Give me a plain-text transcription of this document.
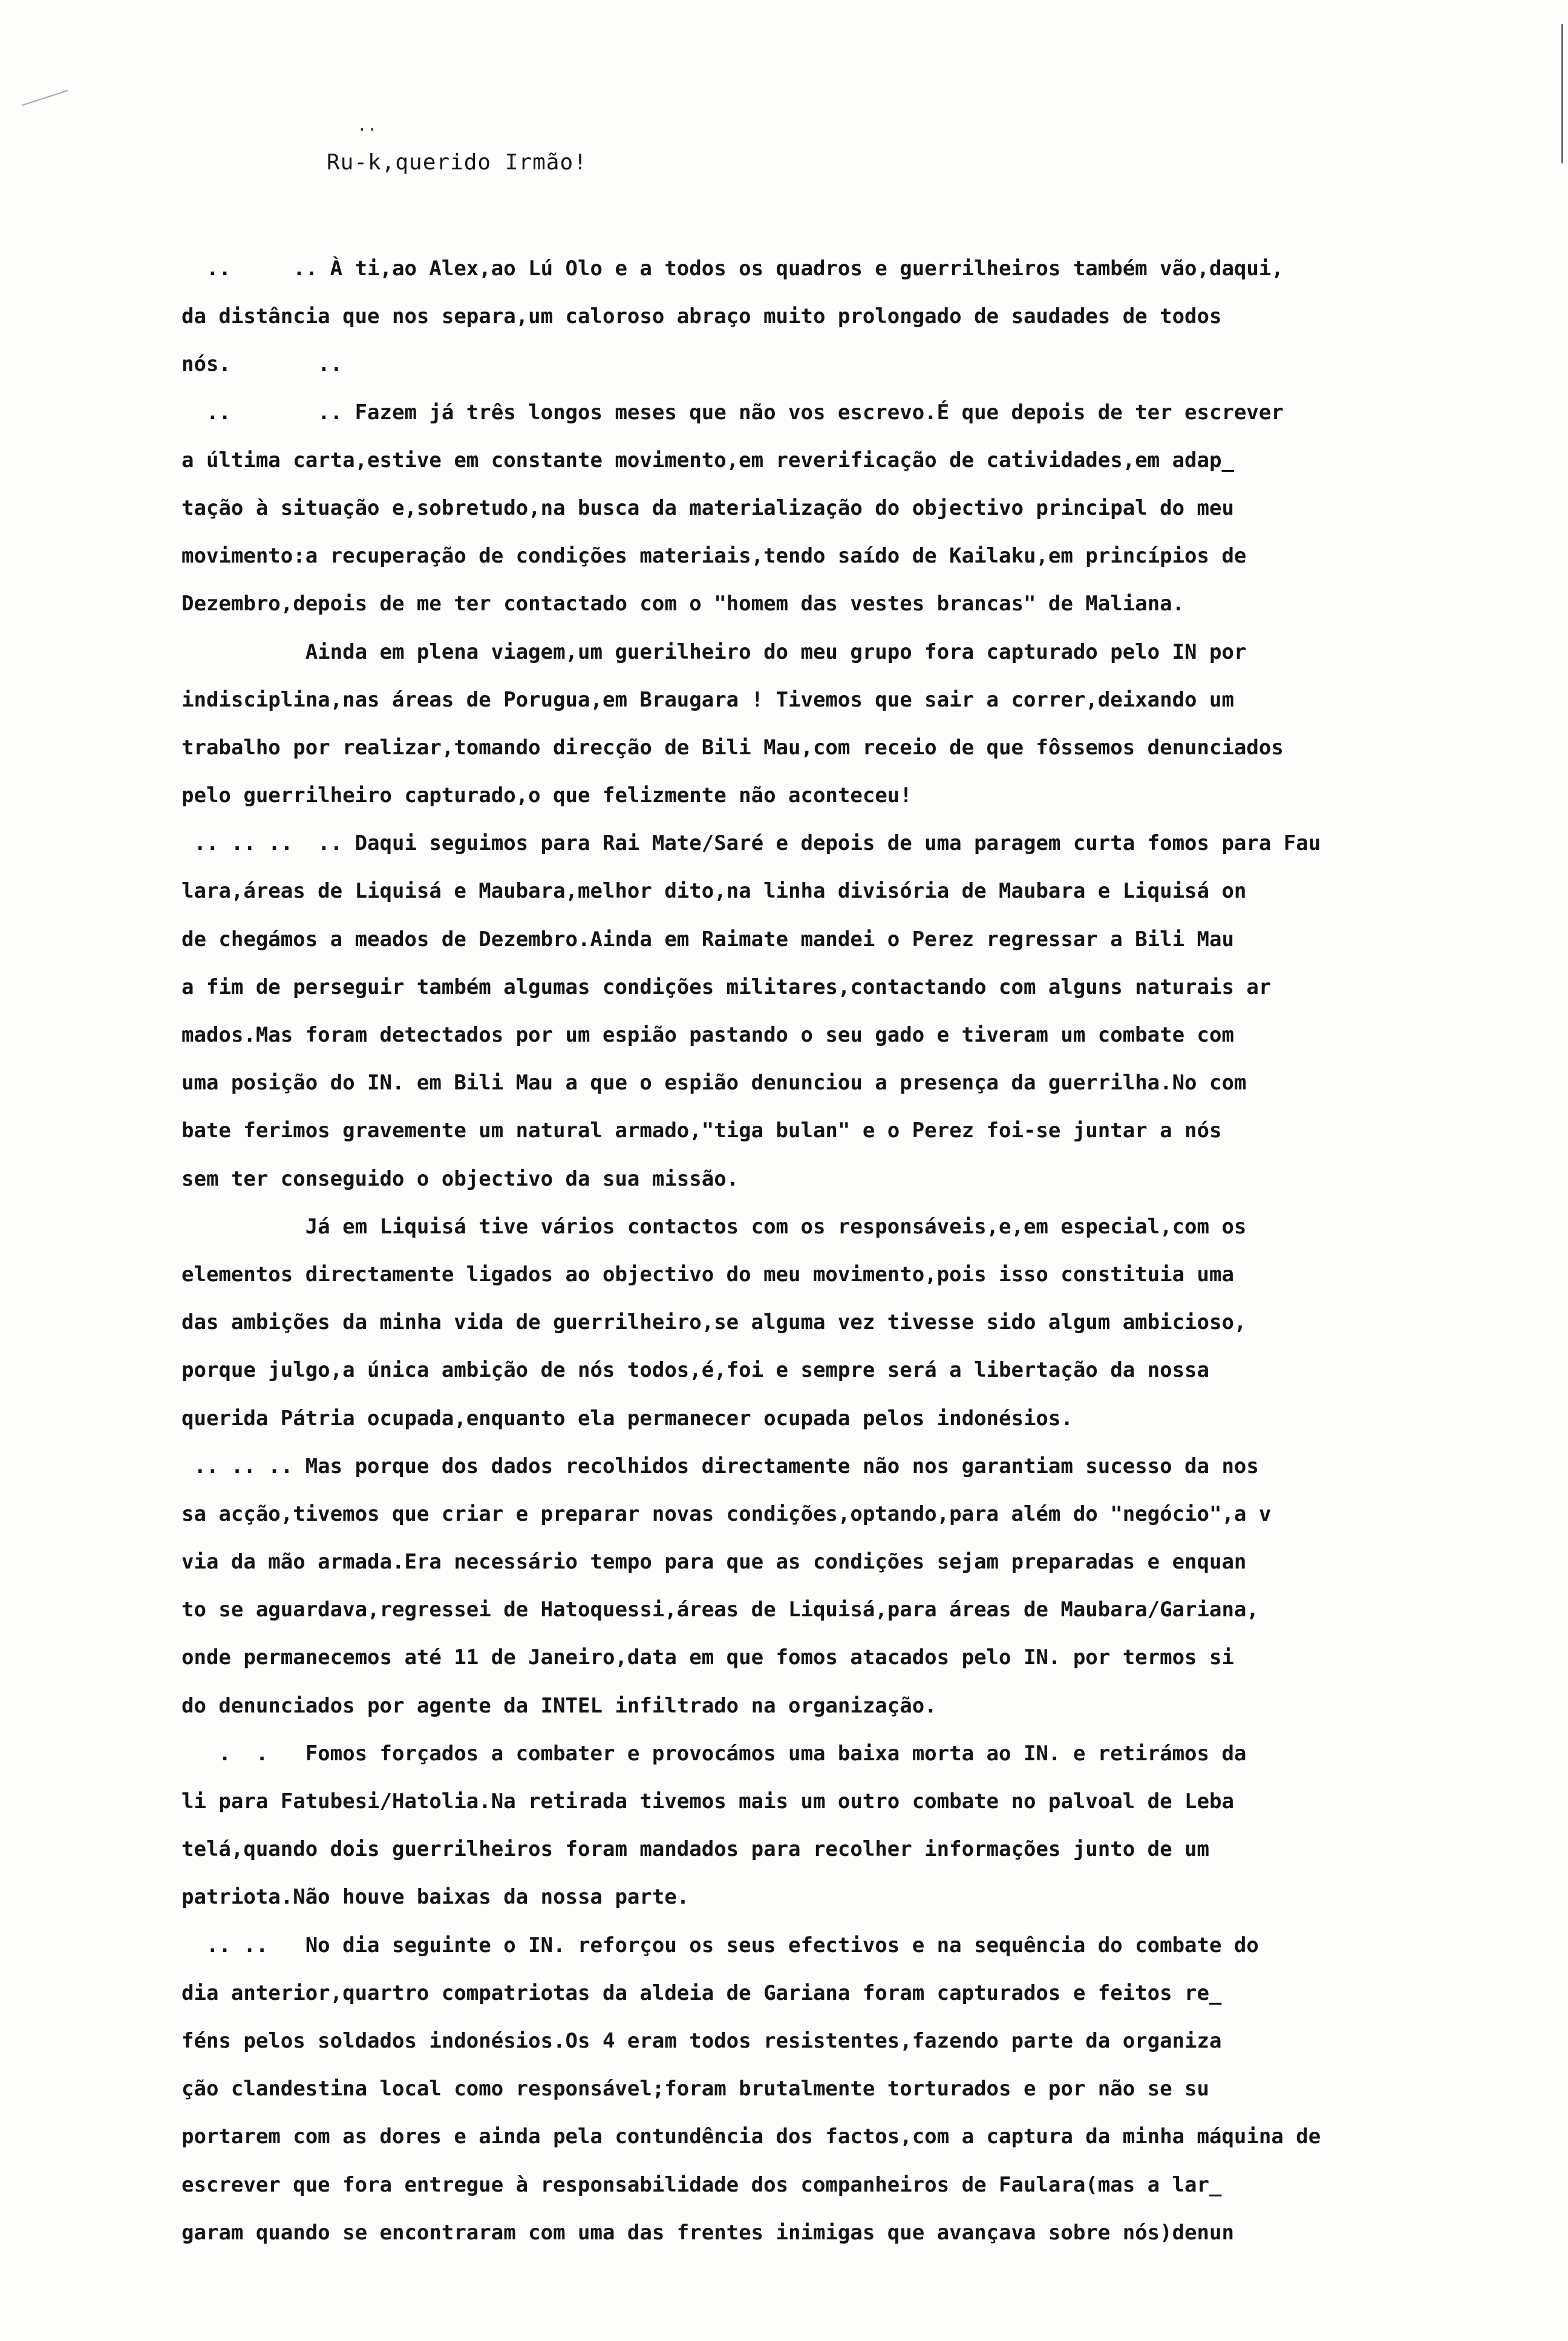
..
Ru-k,querido Irmão!
..     .. À ti,ao Alex,ao Lú Olo e a todos os quadros e guerrilheiros também vão,daqui,
da distância que nos separa,um caloroso abraço muito prolongado de saudades de todos
nós.       ..
..       .. Fazem já três longos meses que não vos escrevo.É que depois de ter escrever
a última carta,estive em constante movimento,em reverificação de catividades,em adap_
tação à situação e,sobretudo,na busca da materialização do objectivo principal do meu
movimento:a recuperação de condições materiais,tendo saído de Kailaku,em princípios de
Dezembro,depois de me ter contactado com o "homem das vestes brancas" de Maliana.
Ainda em plena viagem,um guerilheiro do meu grupo fora capturado pelo IN por
indisciplina,nas áreas de Porugua,em Braugara ! Tivemos que sair a correr,deixando um
trabalho por realizar,tomando direcção de Bili Mau,com receio de que fôssemos denunciados
pelo guerrilheiro capturado,o que felizmente não aconteceu!
.. .. ..  .. Daqui seguimos para Rai Mate/Saré e depois de uma paragem curta fomos para Fau
lara,áreas de Liquisá e Maubara,melhor dito,na linha divisória de Maubara e Liquisá on
de chegámos a meados de Dezembro.Ainda em Raimate mandei o Perez regressar a Bili Mau
a fim de perseguir também algumas condições militares,contactando com alguns naturais ar
mados.Mas foram detectados por um espião pastando o seu gado e tiveram um combate com
uma posição do IN. em Bili Mau a que o espião denunciou a presença da guerrilha.No com
bate ferimos gravemente um natural armado,"tiga bulan" e o Perez foi-se juntar a nós
sem ter conseguido o objectivo da sua missão.
Já em Liquisá tive vários contactos com os responsáveis,e,em especial,com os
elementos directamente ligados ao objectivo do meu movimento,pois isso constituia uma
das ambições da minha vida de guerrilheiro,se alguma vez tivesse sido algum ambicioso,
porque julgo,a única ambição de nós todos,é,foi e sempre será a libertação da nossa
querida Pátria ocupada,enquanto ela permanecer ocupada pelos indonésios.
.. .. .. Mas porque dos dados recolhidos directamente não nos garantiam sucesso da nos
sa acção,tivemos que criar e preparar novas condições,optando,para além do "negócio",a v
via da mão armada.Era necessário tempo para que as condições sejam preparadas e enquan
to se aguardava,regressei de Hatoquessi,áreas de Liquisá,para áreas de Maubara/Gariana,
onde permanecemos até 11 de Janeiro,data em que fomos atacados pelo IN. por termos si
do denunciados por agente da INTEL infiltrado na organização.
.  .   Fomos forçados a combater e provocámos uma baixa morta ao IN. e retirámos da
li para Fatubesi/Hatolia.Na retirada tivemos mais um outro combate no palvoal de Leba
telá,quando dois guerrilheiros foram mandados para recolher informações junto de um
patriota.Não houve baixas da nossa parte.
.. ..   No dia seguinte o IN. reforçou os seus efectivos e na sequência do combate do
dia anterior,quartro compatriotas da aldeia de Gariana foram capturados e feitos re_
féns pelos soldados indonésios.Os 4 eram todos resistentes,fazendo parte da organiza
ção clandestina local como responsável;foram brutalmente torturados e por não se su
portarem com as dores e ainda pela contundência dos factos,com a captura da minha máquina de
escrever que fora entregue à responsabilidade dos companheiros de Faulara(mas a lar_
garam quando se encontraram com uma das frentes inimigas que avançava sobre nós)denun
